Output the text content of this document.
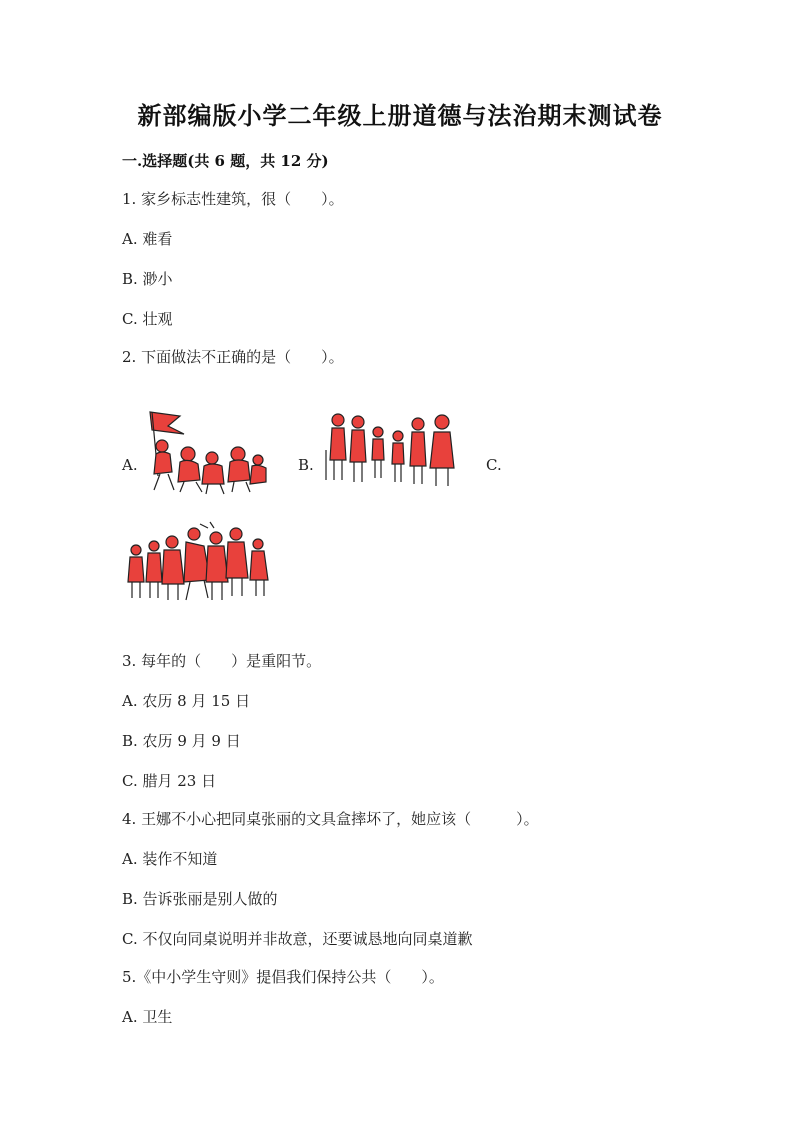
新部编版小学二年级上册道德与法治期末测试卷
一.选择题(共 6 题，共 12 分)
1. 家乡标志性建筑，很（　　）。
A. 难看
B. 渺小
C. 壮观
2. 下面做法不正确的是（　　）。
A.	B.	C.
3. 每年的（　　）是重阳节。
A. 农历 8 月 15 日
B. 农历 9 月 9 日
C. 腊月 23 日
4. 王娜不小心把同桌张丽的文具盒摔坏了，她应该（　　　）。
A. 装作不知道
B. 告诉张丽是别人做的
C. 不仅向同桌说明并非故意，还要诚恳地向同桌道歉
5.《中小学生守则》提倡我们保持公共（　　）。
A. 卫生
